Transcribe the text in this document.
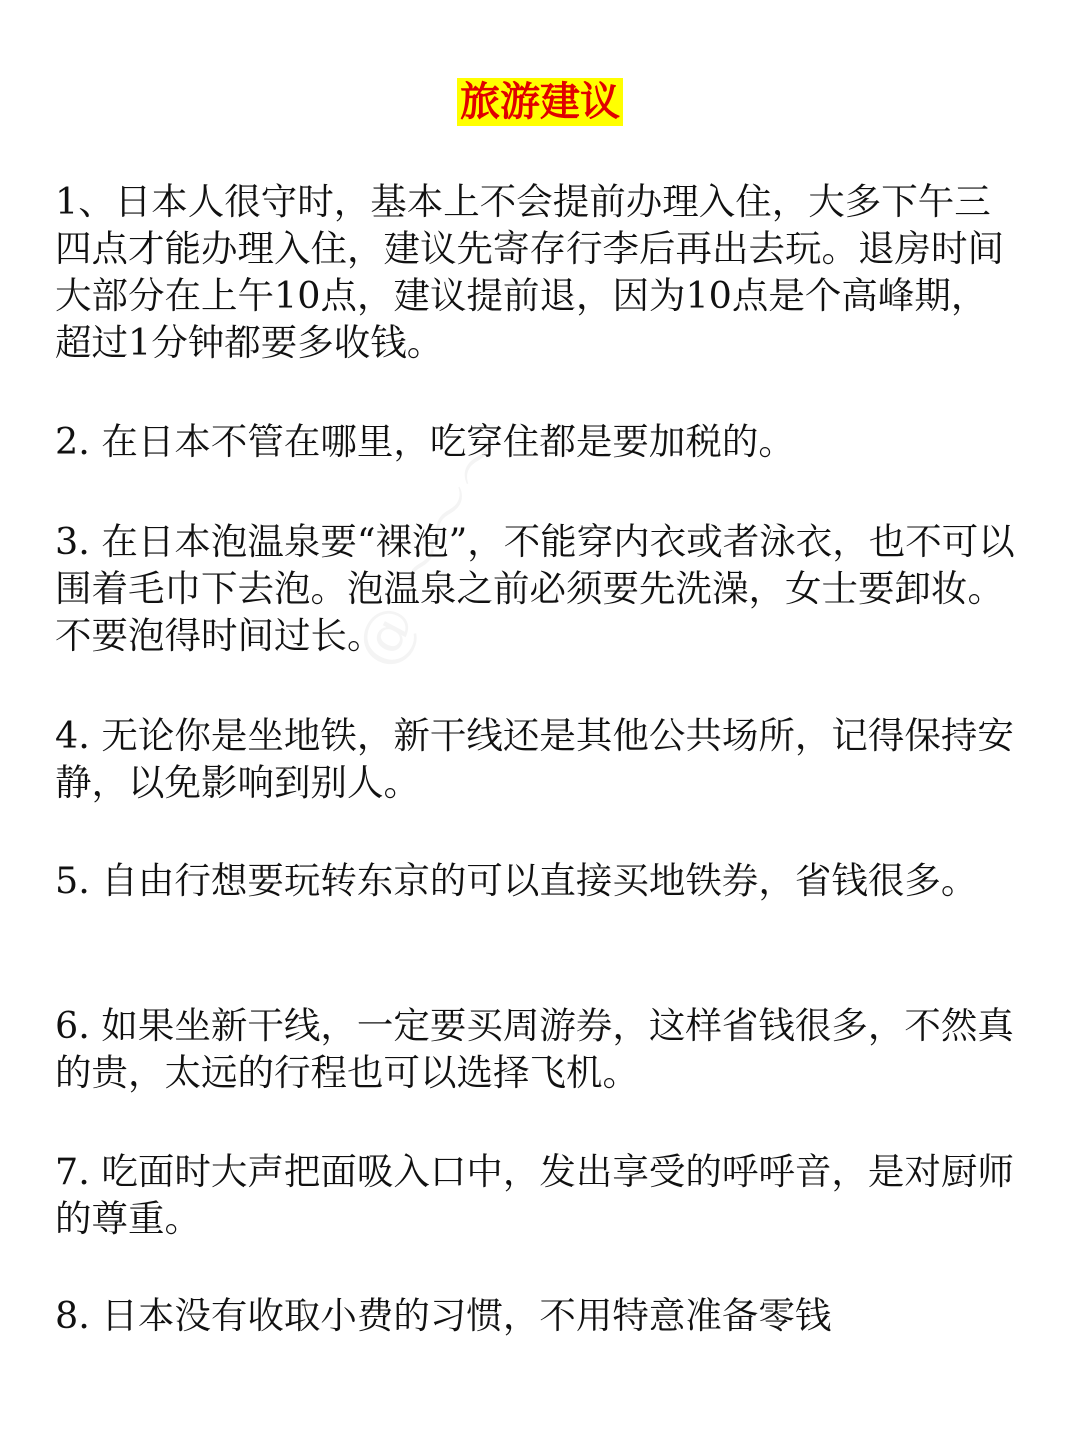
旅游建议

1、日本人很守时，基本上不会提前办理入住，大多下午三四点才能办理入住，建议先寄存行李后再出去玩。退房时间大部分在上午10点，建议提前退，因为10点是个高峰期，超过1分钟都要多收钱。

2. 在日本不管在哪里，吃穿住都是要加税的。

3. 在日本泡温泉要“裸泡”，不能穿内衣或者泳衣，也不可以围着毛巾下去泡。泡温泉之前必须要先洗澡，女士要卸妆。不要泡得时间过长。

4. 无论你是坐地铁，新干线还是其他公共场所，记得保持安静，以免影响到别人。

5. 自由行想要玩转东京的可以直接买地铁券，省钱很多。

6. 如果坐新干线，一定要买周游券，这样省钱很多，不然真的贵，太远的行程也可以选择飞机。

7. 吃面时大声把面吸入口中，发出享受的呼呼音，是对厨师的尊重。

8. 日本没有收取小费的习惯，不用特意准备零钱

@ ～～～
